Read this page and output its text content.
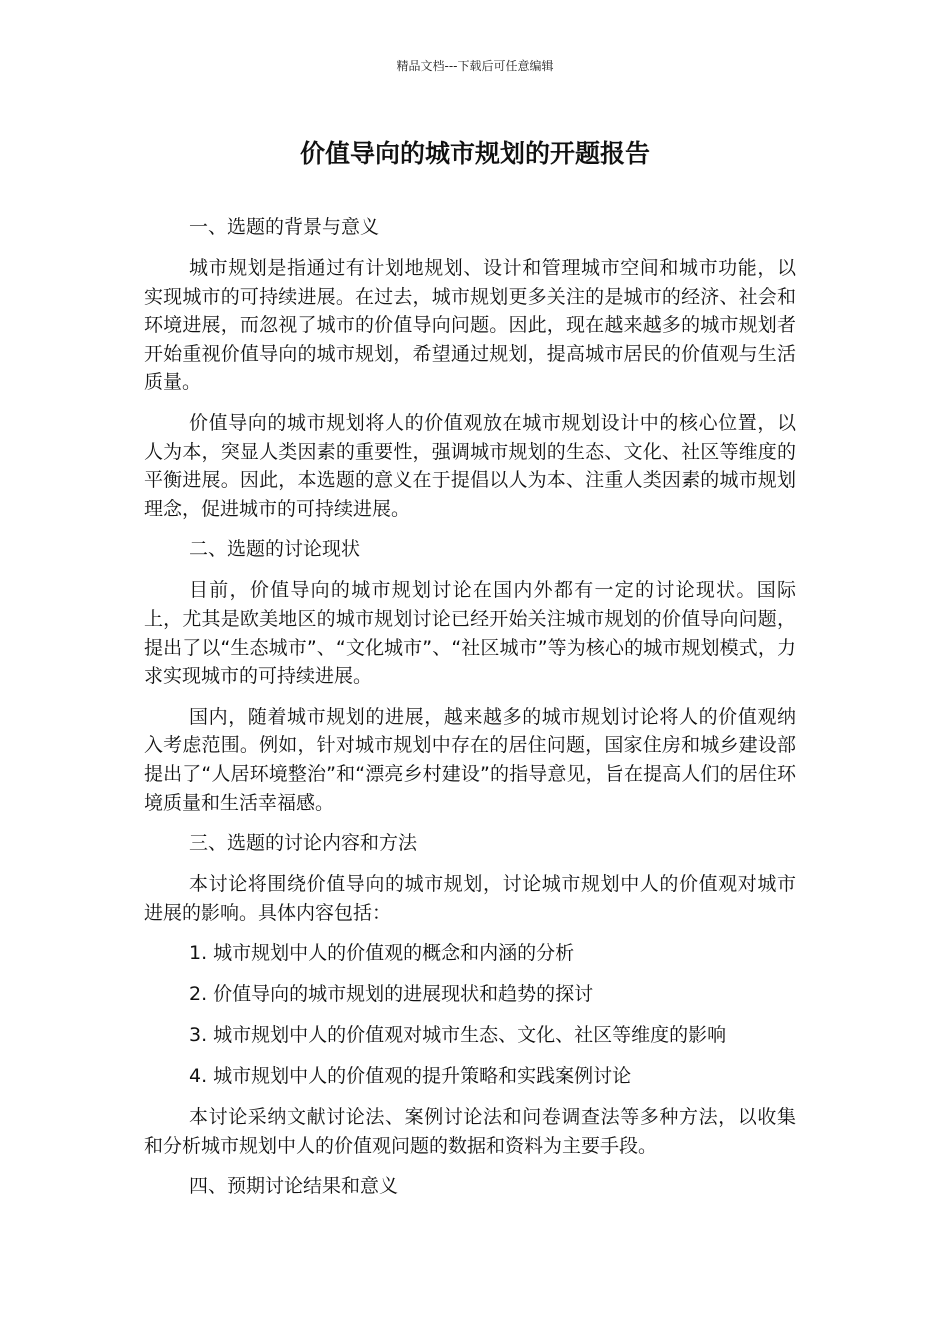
精品文档---下载后可任意编辑
价值导向的城市规划的开题报告
一、选题的背景与意义

城市规划是指通过有计划地规划、设计和管理城市空间和城市功能，以实现城市的可持续进展。在过去，城市规划更多关注的是城市的经济、社会和环境进展，而忽视了城市的价值导向问题。因此，现在越来越多的城市规划者开始重视价值导向的城市规划，希望通过规划，提高城市居民的价值观与生活质量。

价值导向的城市规划将人的价值观放在城市规划设计中的核心位置，以人为本，突显人类因素的重要性，强调城市规划的生态、文化、社区等维度的平衡进展。因此，本选题的意义在于提倡以人为本、注重人类因素的城市规划理念，促进城市的可持续进展。

二、选题的讨论现状

目前，价值导向的城市规划讨论在国内外都有一定的讨论现状。国际上，尤其是欧美地区的城市规划讨论已经开始关注城市规划的价值导向问题，提出了以“生态城市”、“文化城市”、“社区城市”等为核心的城市规划模式，力求实现城市的可持续进展。

国内，随着城市规划的进展，越来越多的城市规划讨论将人的价值观纳入考虑范围。例如，针对城市规划中存在的居住问题，国家住房和城乡建设部提出了“人居环境整治”和“漂亮乡村建设”的指导意见，旨在提高人们的居住环境质量和生活幸福感。

三、选题的讨论内容和方法

本讨论将围绕价值导向的城市规划，讨论城市规划中人的价值观对城市进展的影响。具体内容包括：

1. 城市规划中人的价值观的概念和内涵的分析
2. 价值导向的城市规划的进展现状和趋势的探讨
3. 城市规划中人的价值观对城市生态、文化、社区等维度的影响
4. 城市规划中人的价值观的提升策略和实践案例讨论

本讨论采纳文献讨论法、案例讨论法和问卷调查法等多种方法，以收集和分析城市规划中人的价值观问题的数据和资料为主要手段。

四、预期讨论结果和意义
